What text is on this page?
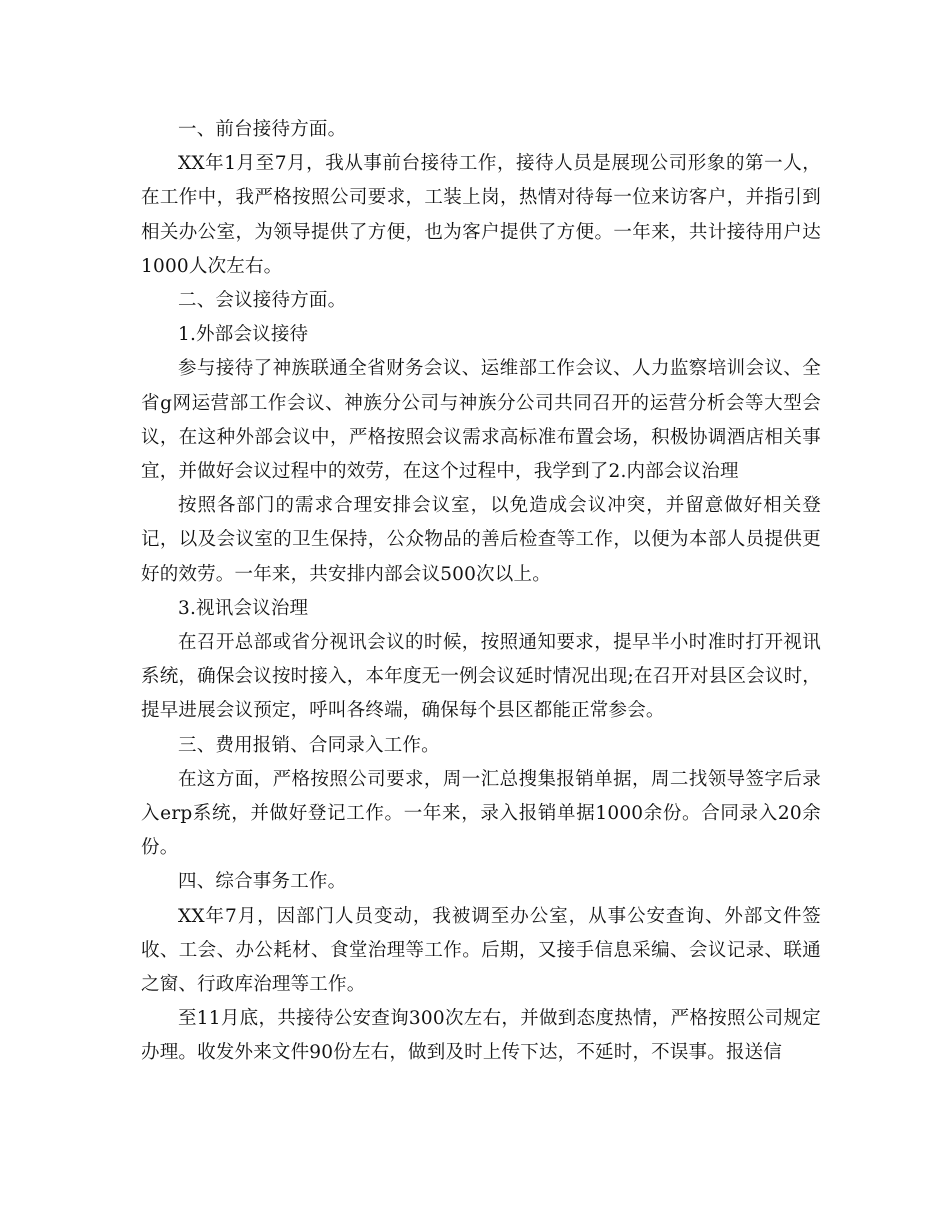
一、前台接待方面。

XX年1月至7月，我从事前台接待工作，接待人员是展现公司形象的第一人，在工作中，我严格按照公司要求，工装上岗，热情对待每一位来访客户，并指引到相关办公室，为领导提供了方便，也为客户提供了方便。一年来，共计接待用户达1000人次左右。

二、会议接待方面。

1.外部会议接待

参与接待了神族联通全省财务会议、运维部工作会议、人力监察培训会议、全省g网运营部工作会议、神族分公司与神族分公司共同召开的运营分析会等大型会议，在这种外部会议中，严格按照会议需求高标准布置会场，积极协调酒店相关事宜，并做好会议过程中的效劳，在这个过程中，我学到了2.内部会议治理

按照各部门的需求合理安排会议室，以免造成会议冲突，并留意做好相关登记，以及会议室的卫生保持，公众物品的善后检查等工作，以便为本部人员提供更好的效劳。一年来，共安排内部会议500次以上。

3.视讯会议治理

在召开总部或省分视讯会议的时候，按照通知要求，提早半小时准时打开视讯系统，确保会议按时接入，本年度无一例会议延时情况出现;在召开对县区会议时，提早进展会议预定，呼叫各终端，确保每个县区都能正常参会。

三、费用报销、合同录入工作。

在这方面，严格按照公司要求，周一汇总搜集报销单据，周二找领导签字后录入erp系统，并做好登记工作。一年来，录入报销单据1000余份。合同录入20余份。

四、综合事务工作。

XX年7月，因部门人员变动，我被调至办公室，从事公安查询、外部文件签收、工会、办公耗材、食堂治理等工作。后期，又接手信息采编、会议记录、联通之窗、行政库治理等工作。

至11月底，共接待公安查询300次左右，并做到态度热情，严格按照公司规定办理。收发外来文件90份左右，做到及时上传下达，不延时，不误事。报送信
